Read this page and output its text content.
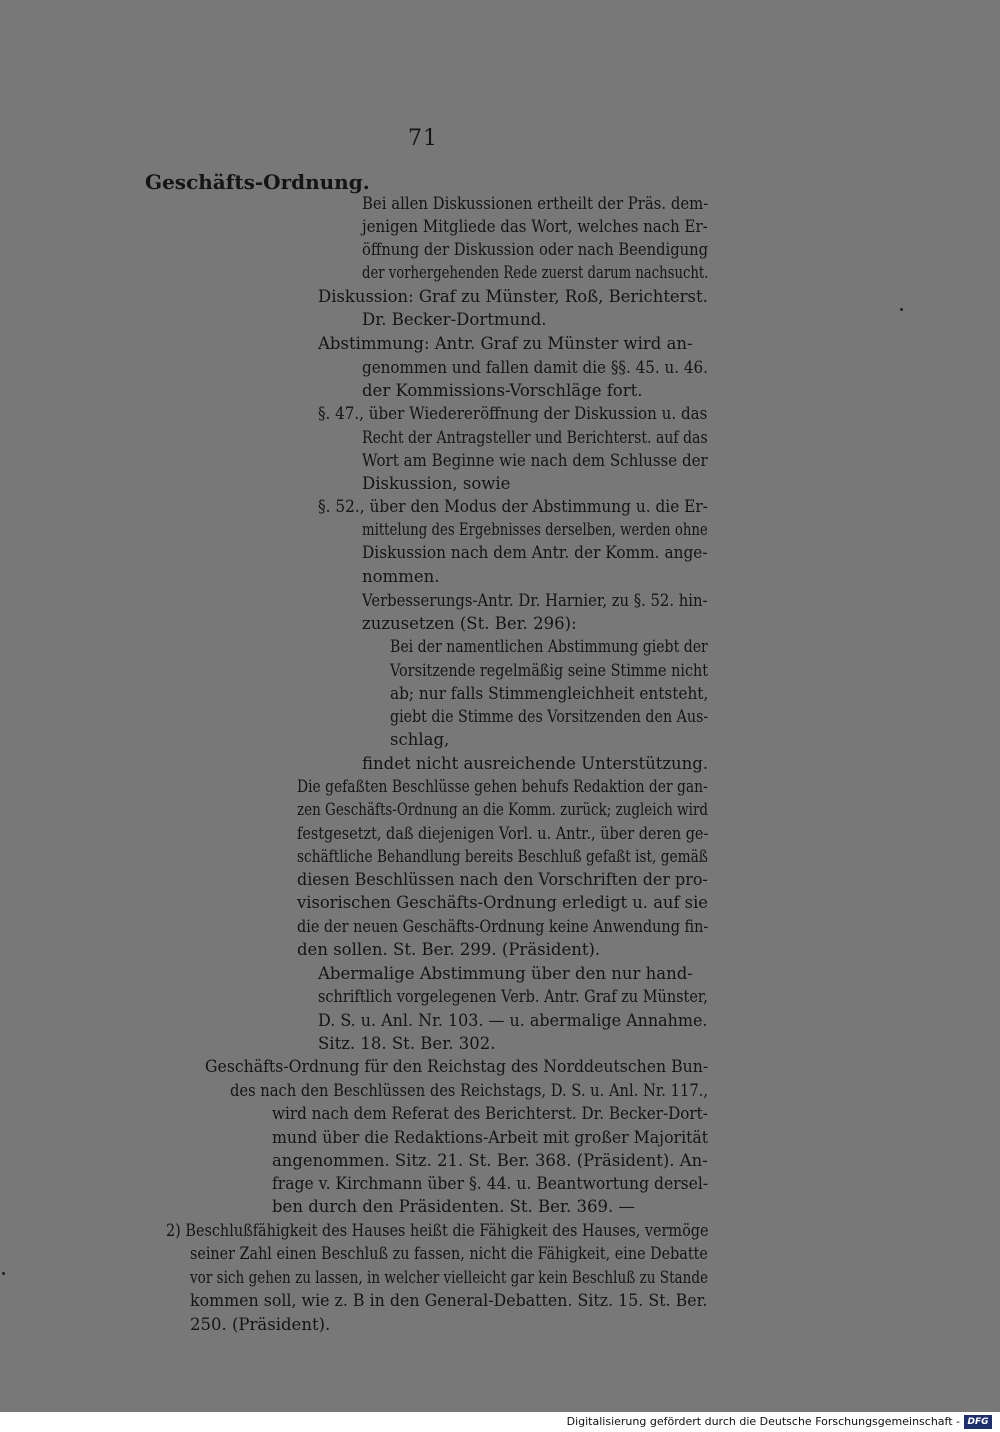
71
Geschäfts-Ordnung.
Bei allen Diskussionen ertheilt der Präs. dem-
jenigen Mitgliede das Wort, welches nach Er-
öffnung der Diskussion oder nach Beendigung
der vorhergehenden Rede zuerst darum nachsucht.
Diskussion: Graf zu Münster, Roß, Berichterst.
Dr. Becker-Dortmund.
Abstimmung: Antr. Graf zu Münster wird an-
genommen und fallen damit die §§. 45. u. 46.
der Kommissions-Vorschläge fort.
§. 47., über Wiedereröffnung der Diskussion u. das
Recht der Antragsteller und Berichterst. auf das
Wort am Beginne wie nach dem Schlusse der
Diskussion, sowie
§. 52., über den Modus der Abstimmung u. die Er-
mittelung des Ergebnisses derselben, werden ohne
Diskussion nach dem Antr. der Komm. ange-
nommen.
Verbesserungs-Antr. Dr. Harnier, zu §. 52. hin-
zuzusetzen (St. Ber. 296):
Bei der namentlichen Abstimmung giebt der
Vorsitzende regelmäßig seine Stimme nicht
ab; nur falls Stimmengleichheit entsteht,
giebt die Stimme des Vorsitzenden den Aus-
schlag,
findet nicht ausreichende Unterstützung.
Die gefaßten Beschlüsse gehen behufs Redaktion der gan-
zen Geschäfts-Ordnung an die Komm. zurück; zugleich wird
festgesetzt, daß diejenigen Vorl. u. Antr., über deren ge-
schäftliche Behandlung bereits Beschluß gefaßt ist, gemäß
diesen Beschlüssen nach den Vorschriften der pro-
visorischen Geschäfts-Ordnung erledigt u. auf sie
die der neuen Geschäfts-Ordnung keine Anwendung fin-
den sollen. St. Ber. 299. (Präsident).
Abermalige Abstimmung über den nur hand-
schriftlich vorgelegenen Verb. Antr. Graf zu Münster,
D. S. u. Anl. Nr. 103. — u. abermalige Annahme.
Sitz. 18. St. Ber. 302.
Geschäfts-Ordnung für den Reichstag des Norddeutschen Bun-
des nach den Beschlüssen des Reichstags, D. S. u. Anl. Nr. 117.,
wird nach dem Referat des Berichterst. Dr. Becker-Dort-
mund über die Redaktions-Arbeit mit großer Majorität
angenommen. Sitz. 21. St. Ber. 368. (Präsident). An-
frage v. Kirchmann über §. 44. u. Beantwortung dersel-
ben durch den Präsidenten. St. Ber. 369. —
2) Beschlußfähigkeit des Hauses heißt die Fähigkeit des Hauses, vermöge
seiner Zahl einen Beschluß zu fassen, nicht die Fähigkeit, eine Debatte
vor sich gehen zu lassen, in welcher vielleicht gar kein Beschluß zu Stande
kommen soll, wie z. B in den General-Debatten. Sitz. 15. St. Ber.
250. (Präsident).
Digitalisierung gefördert durch die Deutsche Forschungsgemeinschaft - DFG
